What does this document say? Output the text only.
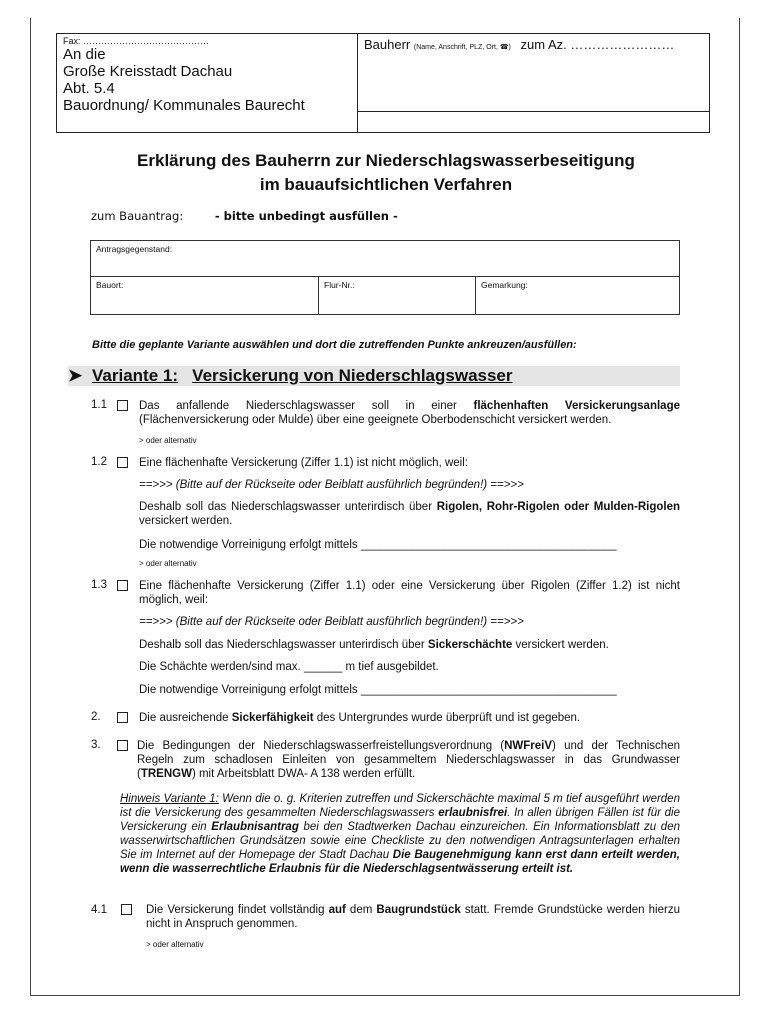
Fax: ……………………………………
An die
Große Kreisstadt Dachau
Abt. 5.4
Bauordnung/ Kommunales Baurecht
Bauherr (Name, Anschrift, PLZ, Ort, ☎) zum Az. ……………………
Erklärung des Bauherrn zur Niederschlagswasserbeseitigung
im bauaufsichtlichen Verfahren
zum Bauantrag:	- bitte unbedingt ausfüllen -
Antragsgegenstand:
Bauort:	Flur-Nr.:	Gemarkung:
Bitte die geplante Variante auswählen und dort die zutreffenden Punkte ankreuzen/ausfüllen:
➤ Variante 1: Versickerung von Niederschlagswasser
1.1	Das anfallende Niederschlagswasser soll in einer flächenhaften Versickerungsanlage (Flächenversickerung oder Mulde) über eine geeignete Oberbodenschicht versickert werden.
> oder alternativ
1.2	Eine flächenhafte Versickerung (Ziffer 1.1) ist nicht möglich, weil:
==>>> (Bitte auf der Rückseite oder Beiblatt ausführlich begründen!) ==>>>
Deshalb soll das Niederschlagswasser unterirdisch über Rigolen, Rohr-Rigolen oder Mulden-Rigolen versickert werden.
Die notwendige Vorreinigung erfolgt mittels ________________________________________
> oder alternativ
1.3	Eine flächenhafte Versickerung (Ziffer 1.1) oder eine Versickerung über Rigolen (Ziffer 1.2) ist nicht möglich, weil:
==>>> (Bitte auf der Rückseite oder Beiblatt ausführlich begründen!) ==>>>
Deshalb soll das Niederschlagswasser unterirdisch über Sickerschächte versickert werden.
Die Schächte werden/sind max. ______ m tief ausgebildet.
Die notwendige Vorreinigung erfolgt mittels ________________________________________
2.	Die ausreichende Sickerfähigkeit des Untergrundes wurde überprüft und ist gegeben.
3.	Die Bedingungen der Niederschlagswasserfreistellungsverordnung (NWFreiV) und der Technischen Regeln zum schadlosen Einleiten von gesammeltem Niederschlagswasser in das Grundwasser (TRENGW) mit Arbeitsblatt DWA- A 138 werden erfüllt.
Hinweis Variante 1: Wenn die o. g. Kriterien zutreffen und Sickerschächte maximal 5 m tief ausgeführt werden ist die Versickerung des gesammelten Niederschlagswassers erlaubnisfrei. In allen übrigen Fällen ist für die Versickerung ein Erlaubnisantrag bei den Stadtwerken Dachau einzureichen. Ein Informationsblatt zu den wasserwirtschaftlichen Grundsätzen sowie eine Checkliste zu den notwendigen Antragsunterlagen erhalten Sie im Internet auf der Homepage der Stadt Dachau Die Baugenehmigung kann erst dann erteilt werden, wenn die wasserrechtliche Erlaubnis für die Niederschlagsentwässerung erteilt ist.
4.1	Die Versickerung findet vollständig auf dem Baugrundstück statt. Fremde Grundstücke werden hierzu nicht in Anspruch genommen.
> oder alternativ
